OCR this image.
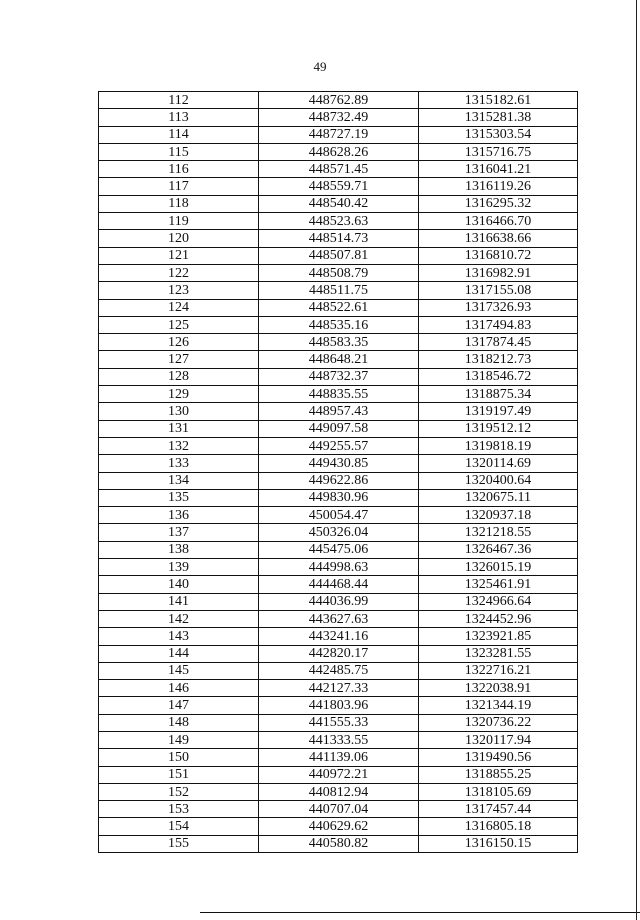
49
112	448762.89	1315182.61
113	448732.49	1315281.38
114	448727.19	1315303.54
115	448628.26	1315716.75
116	448571.45	1316041.21
117	448559.71	1316119.26
118	448540.42	1316295.32
119	448523.63	1316466.70
120	448514.73	1316638.66
121	448507.81	1316810.72
122	448508.79	1316982.91
123	448511.75	1317155.08
124	448522.61	1317326.93
125	448535.16	1317494.83
126	448583.35	1317874.45
127	448648.21	1318212.73
128	448732.37	1318546.72
129	448835.55	1318875.34
130	448957.43	1319197.49
131	449097.58	1319512.12
132	449255.57	1319818.19
133	449430.85	1320114.69
134	449622.86	1320400.64
135	449830.96	1320675.11
136	450054.47	1320937.18
137	450326.04	1321218.55
138	445475.06	1326467.36
139	444998.63	1326015.19
140	444468.44	1325461.91
141	444036.99	1324966.64
142	443627.63	1324452.96
143	443241.16	1323921.85
144	442820.17	1323281.55
145	442485.75	1322716.21
146	442127.33	1322038.91
147	441803.96	1321344.19
148	441555.33	1320736.22
149	441333.55	1320117.94
150	441139.06	1319490.56
151	440972.21	1318855.25
152	440812.94	1318105.69
153	440707.04	1317457.44
154	440629.62	1316805.18
155	440580.82	1316150.15
